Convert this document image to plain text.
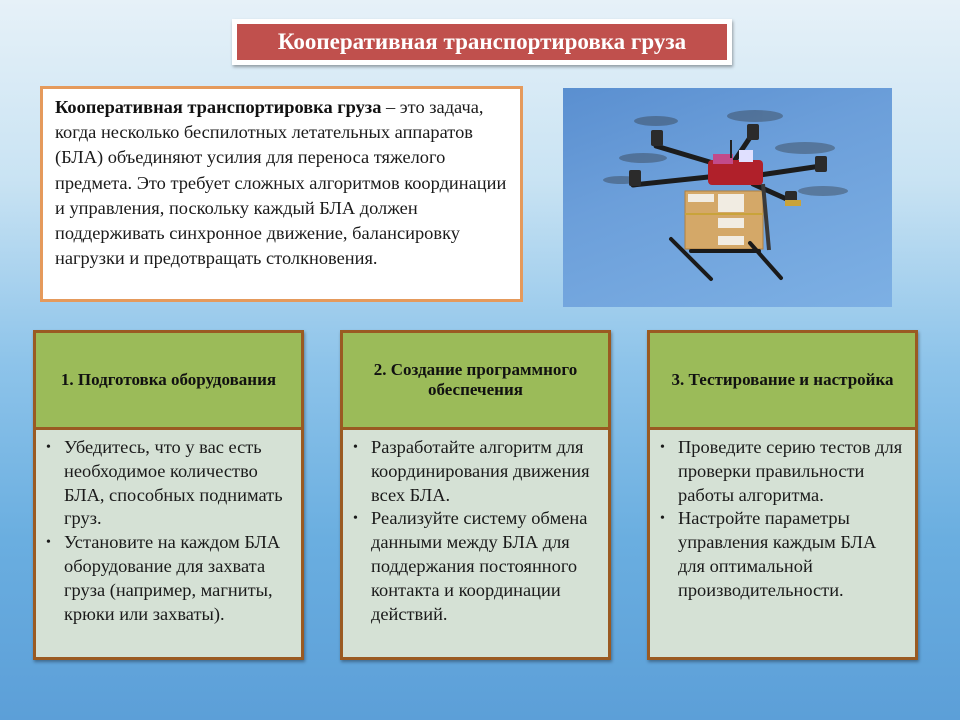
Кооперативная транспортировка груза
Кооперативная транспортировка груза – это задача, когда несколько беспилотных летательных аппаратов (БЛА) объединяют усилия для переноса тяжелого предмета. Это требует сложных алгоритмов координации и управления, поскольку каждый БЛА должен поддерживать синхронное движение, балансировку нагрузки и предотвращать столкновения.
1. Подготовка оборудования
• Убедитесь, что у вас есть необходимое количество БЛА, способных поднимать груз.
• Установите на каждом БЛА оборудование для захвата груза (например, магниты, крюки или захваты).
2. Создание программного обеспечения
• Разработайте алгоритм для координирования движения всех БЛА.
• Реализуйте систему обмена данными между БЛА для поддержания постоянного контакта и координации действий.
3. Тестирование и настройка
• Проведите серию тестов для проверки правильности работы алгоритма.
• Настройте параметры управления каждым БЛА для оптимальной производительности.
